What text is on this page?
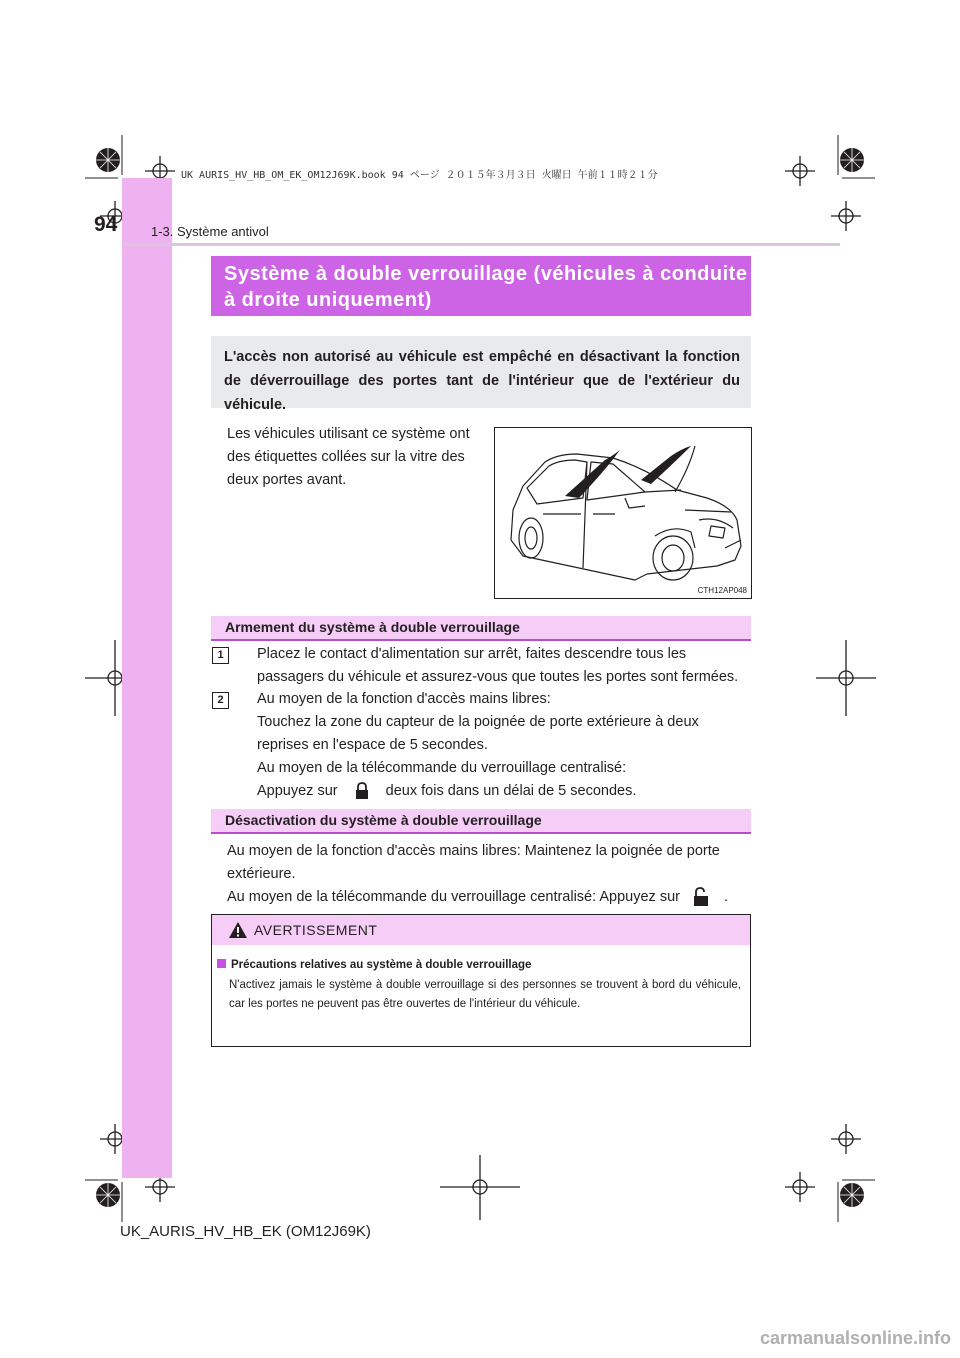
UK AURIS_HV_HB_OM_EK_OM12J69K.book 94 ページ ２０１５年３月３日 火曜日 午前１１時２１分
94	1-3. Système antivol
Système à double verrouillage (véhicules à conduite à droite uniquement)
L'accès non autorisé au véhicule est empêché en désactivant la fonction de déverrouillage des portes tant de l'intérieur que de l'extérieur du véhicule.
Les véhicules utilisant ce système ont des étiquettes collées sur la vitre des deux portes avant.
CTH12AP048
Armement du système à double verrouillage
1	Placez le contact d'alimentation sur arrêt, faites descendre tous les passagers du véhicule et assurez-vous que toutes les portes sont fermées.
2	Au moyen de la fonction d'accès mains libres:
Touchez la zone du capteur de la poignée de porte extérieure à deux reprises en l'espace de 5 secondes.
Au moyen de la télécommande du verrouillage centralisé:
Appuyez sur	deux fois dans un délai de 5 secondes.
Désactivation du système à double verrouillage
Au moyen de la fonction d'accès mains libres: Maintenez la poignée de porte extérieure.
Au moyen de la télécommande du verrouillage centralisé: Appuyez sur	.
AVERTISSEMENT
Précautions relatives au système à double verrouillage
N'activez jamais le système à double verrouillage si des personnes se trouvent à bord du véhicule, car les portes ne peuvent pas être ouvertes de l'intérieur du véhicule.
UK_AURIS_HV_HB_EK (OM12J69K)
carmanualsonline.info
